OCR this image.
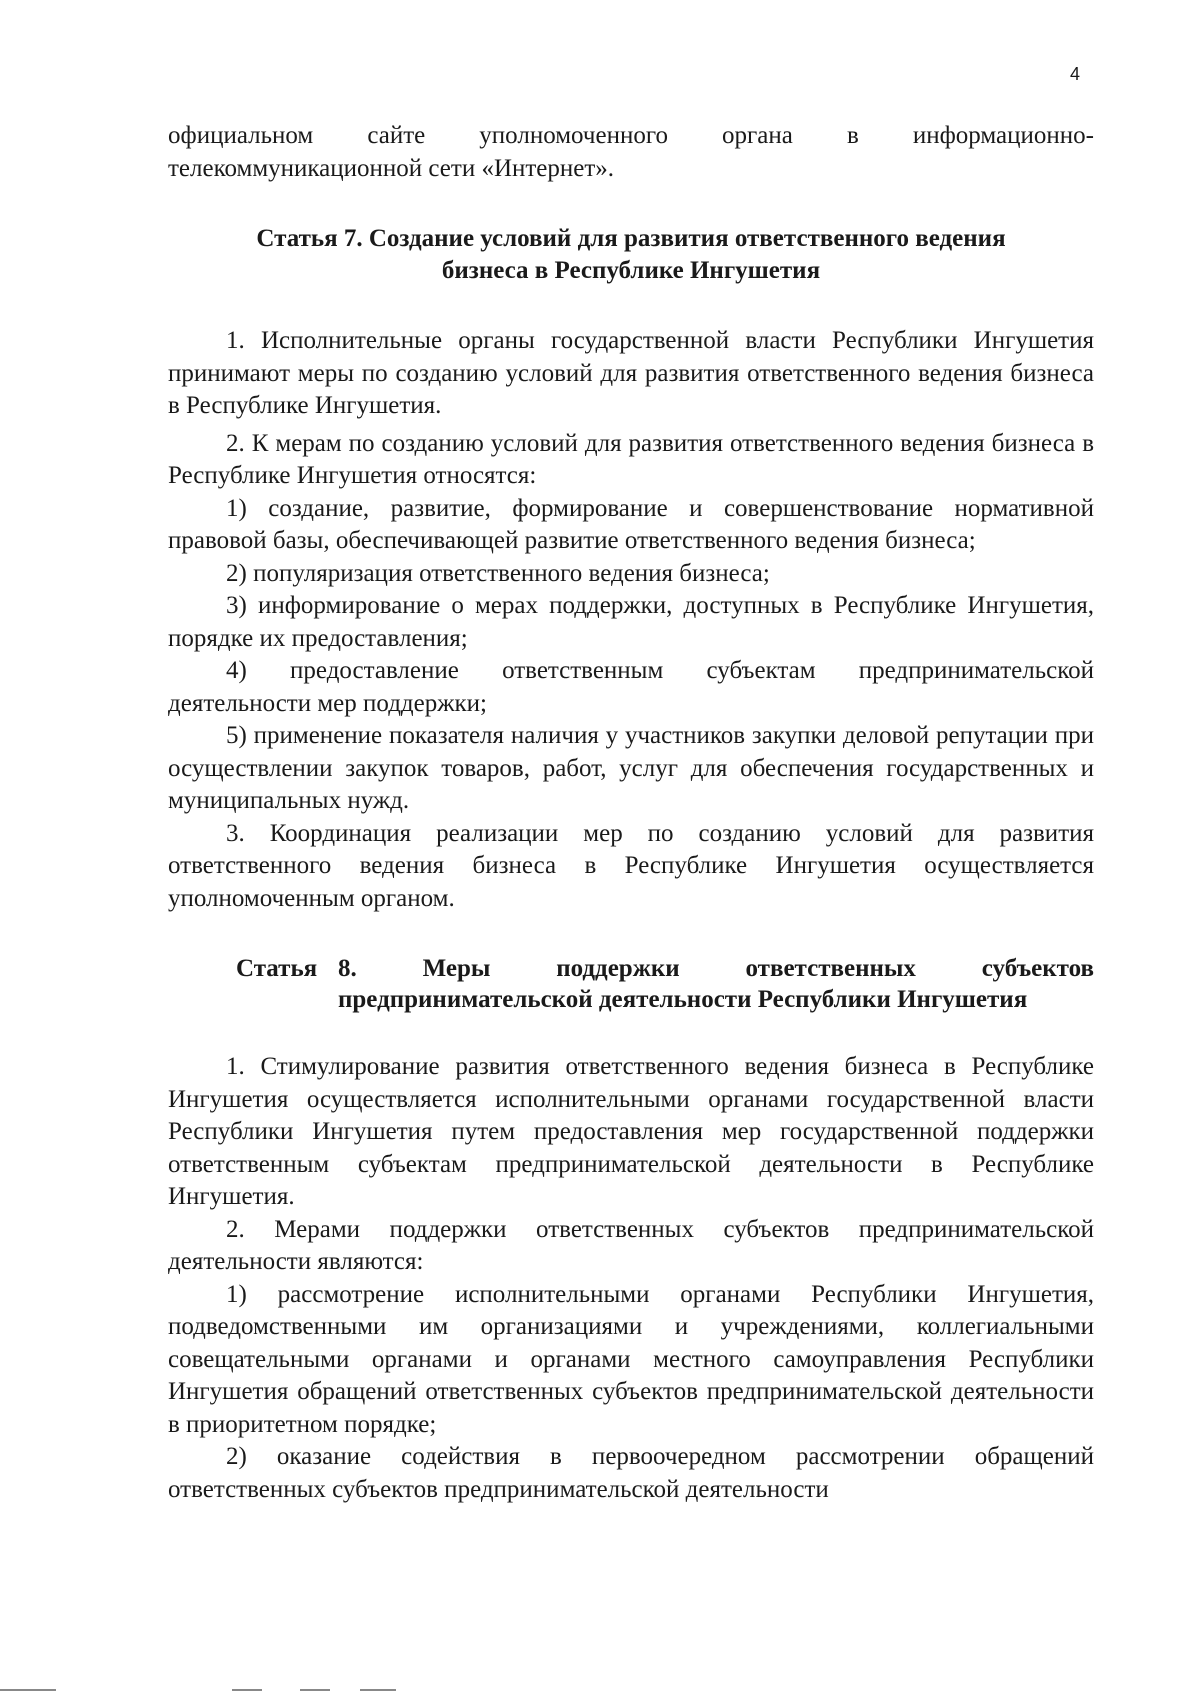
4

официальном сайте уполномоченного органа в информационно-телекоммуникационной сети «Интернет».

Статья 7. Создание условий для развития ответственного ведения
бизнеса в Республике Ингушетия

1. Исполнительные органы государственной власти Республики Ингушетия принимают меры по созданию условий для развития ответственного ведения бизнеса в Республике Ингушетия.

2. К мерам по созданию условий для развития ответственного ведения бизнеса в Республике Ингушетия относятся:

1) создание, развитие, формирование и совершенствование нормативной правовой базы, обеспечивающей развитие ответственного ведения бизнеса;

2) популяризация ответственного ведения бизнеса;

3) информирование о мерах поддержки, доступных в Республике Ингушетия, порядке их предоставления;

4) предоставление ответственным субъектам предпринимательской деятельности мер поддержки;

5) применение показателя наличия у участников закупки деловой репутации при осуществлении закупок товаров, работ, услуг для обеспечения государственных и муниципальных нужд.

3. Координация реализации мер по созданию условий для развития ответственного ведения бизнеса в Республике Ингушетия осуществляется уполномоченным органом.

Статья 8. Меры поддержки ответственных субъектов предпринимательской деятельности Республики Ингушетия

1. Стимулирование развития ответственного ведения бизнеса в Республике Ингушетия осуществляется исполнительными органами государственной власти Республики Ингушетия путем предоставления мер государственной поддержки ответственным субъектам предпринимательской деятельности в Республике Ингушетия.

2. Мерами поддержки ответственных субъектов предпринимательской деятельности являются:

1) рассмотрение исполнительными органами Республики Ингушетия, подведомственными им организациями и учреждениями, коллегиальными совещательными органами и органами местного самоуправления Республики Ингушетия обращений ответственных субъектов предпринимательской деятельности в приоритетном порядке;

2) оказание содействия в первоочередном рассмотрении обращений ответственных субъектов предпринимательской деятельности
